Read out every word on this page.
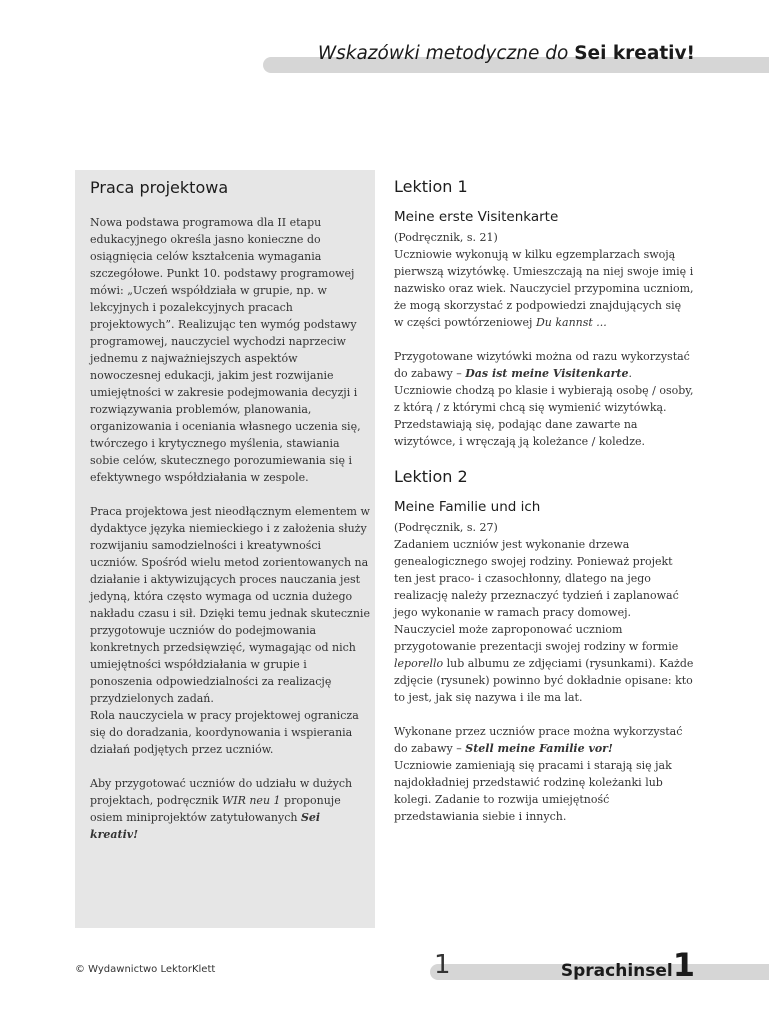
Wskazówki metodyczne do Sei kreativ!
Praca projektowa

Nowa podstawa programowa dla II etapu edukacyjnego określa jasno konieczne do osiągnięcia celów kształcenia wymagania szczegółowe. Punkt 10. podstawy programowej mówi: „Uczeń współdziała w grupie, np. w lekcyjnych i pozalekcyjnych pracach projektowych”. Realizując ten wymóg podstawy programowej, nauczyciel wychodzi naprzeciw jednemu z najważniejszych aspektów nowoczesnej edukacji, jakim jest rozwijanie umiejętności w zakresie podejmowania decyzji i rozwiązywania problemów, planowania, organizowania i oceniania własnego uczenia się, twórczego i krytycznego myślenia, stawiania sobie celów, skutecznego porozumiewania się i efektywnego współdziałania w zespole.

Praca projektowa jest nieodłącznym elementem w dydaktyce języka niemieckiego i z założenia służy rozwijaniu samodzielności i kreatywności uczniów. Spośród wielu metod zorientowanych na działanie i aktywizujących proces nauczania jest jedyną, która często wymaga od ucznia dużego nakładu czasu i sił. Dzięki temu jednak skutecznie przygotowuje uczniów do podejmowania konkretnych przedsięwzięć, wymagając od nich umiejętności współdziałania w grupie i ponoszenia odpowiedzialności za realizację przydzielonych zadań.

Rola nauczyciela w pracy projektowej ogranicza się do doradzania, koordynowania i wspierania działań podjętych przez uczniów.

Aby przygotować uczniów do udziału w dużych projektach, podręcznik WIR neu 1 proponuje osiem miniprojektów zatytułowanych Sei kreativ!

Lektion 1
Meine erste Visitenkarte
(Podręcznik, s. 21)

Uczniowie wykonują w kilku egzemplarzach swoją pierwszą wizytówkę. Umieszczają na niej swoje imię i nazwisko oraz wiek. Nauczyciel przypomina uczniom, że mogą skorzystać z podpowiedzi znajdujących się w części powtórzeniowej Du kannst ...

Przygotowane wizytówki można od razu wykorzystać do zabawy – Das ist meine Visitenkarte.

Uczniowie chodzą po klasie i wybierają osobę / osoby, z którą / z którymi chcą się wymienić wizytówką. Przedstawiają się, podając dane zawarte na wizytówce, i wręczają ją koleżance / koledze.

Lektion 2
Meine Familie und ich
(Podręcznik, s. 27)

Zadaniem uczniów jest wykonanie drzewa genealogicznego swojej rodziny. Ponieważ projekt ten jest praco- i czasochłonny, dlatego na jego realizację należy przeznaczyć tydzień i zaplanować jego wykonanie w ramach pracy domowej.

Nauczyciel może zaproponować uczniom przygotowanie prezentacji swojej rodziny w formie leporello lub albumu ze zdjęciami (rysunkami). Każde zdjęcie (rysunek) powinno być dokładnie opisane: kto to jest, jak się nazywa i ile ma lat.

Wykonane przez uczniów prace można wykorzystać do zabawy – Stell meine Familie vor!

Uczniowie zamieniają się pracami i starają się jak najdokładniej przedstawić rodzinę koleżanki lub kolegi. Zadanie to rozwija umiejętność przedstawiania siebie i innych.

© Wydawnictwo LektorKlett	1	Sprachinsel1
